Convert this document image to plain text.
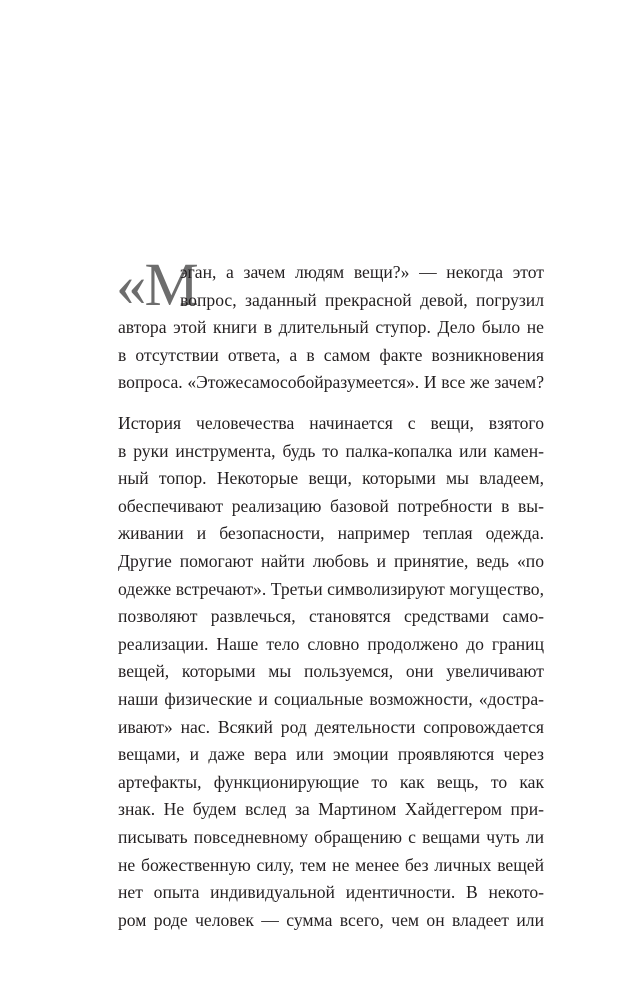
«М
эган, а зачем людям вещи?» — некогда этот
вопрос, заданный прекрасной девой, погрузил
автора этой книги в длительный ступор. Дело было не
в отсутствии ответа, а в самом факте возникновения
вопроса. «Этожесамособойразумеется». И все же зачем?
История человечества начинается с вещи, взятого
в руки инструмента, будь то палка-копалка или камен-
ный топор. Некоторые вещи, которыми мы владеем,
обеспечивают реализацию базовой потребности в вы-
живании и безопасности, например теплая одежда.
Другие помогают найти любовь и принятие, ведь «по
одежке встречают». Третьи символизируют могущество,
позволяют развлечься, становятся средствами само-
реализации. Наше тело словно продолжено до границ
вещей, которыми мы пользуемся, они увеличивают
наши физические и социальные возможности, «достра-
ивают» нас. Всякий род деятельности сопровождается
вещами, и даже вера или эмоции проявляются через
артефакты, функционирующие то как вещь, то как
знак. Не будем вслед за Мартином Хайдеггером при-
писывать повседневному обращению с вещами чуть ли
не божественную силу, тем не менее без личных вещей
нет опыта индивидуальной идентичности. В некото-
ром роде человек — сумма всего, чем он владеет или
